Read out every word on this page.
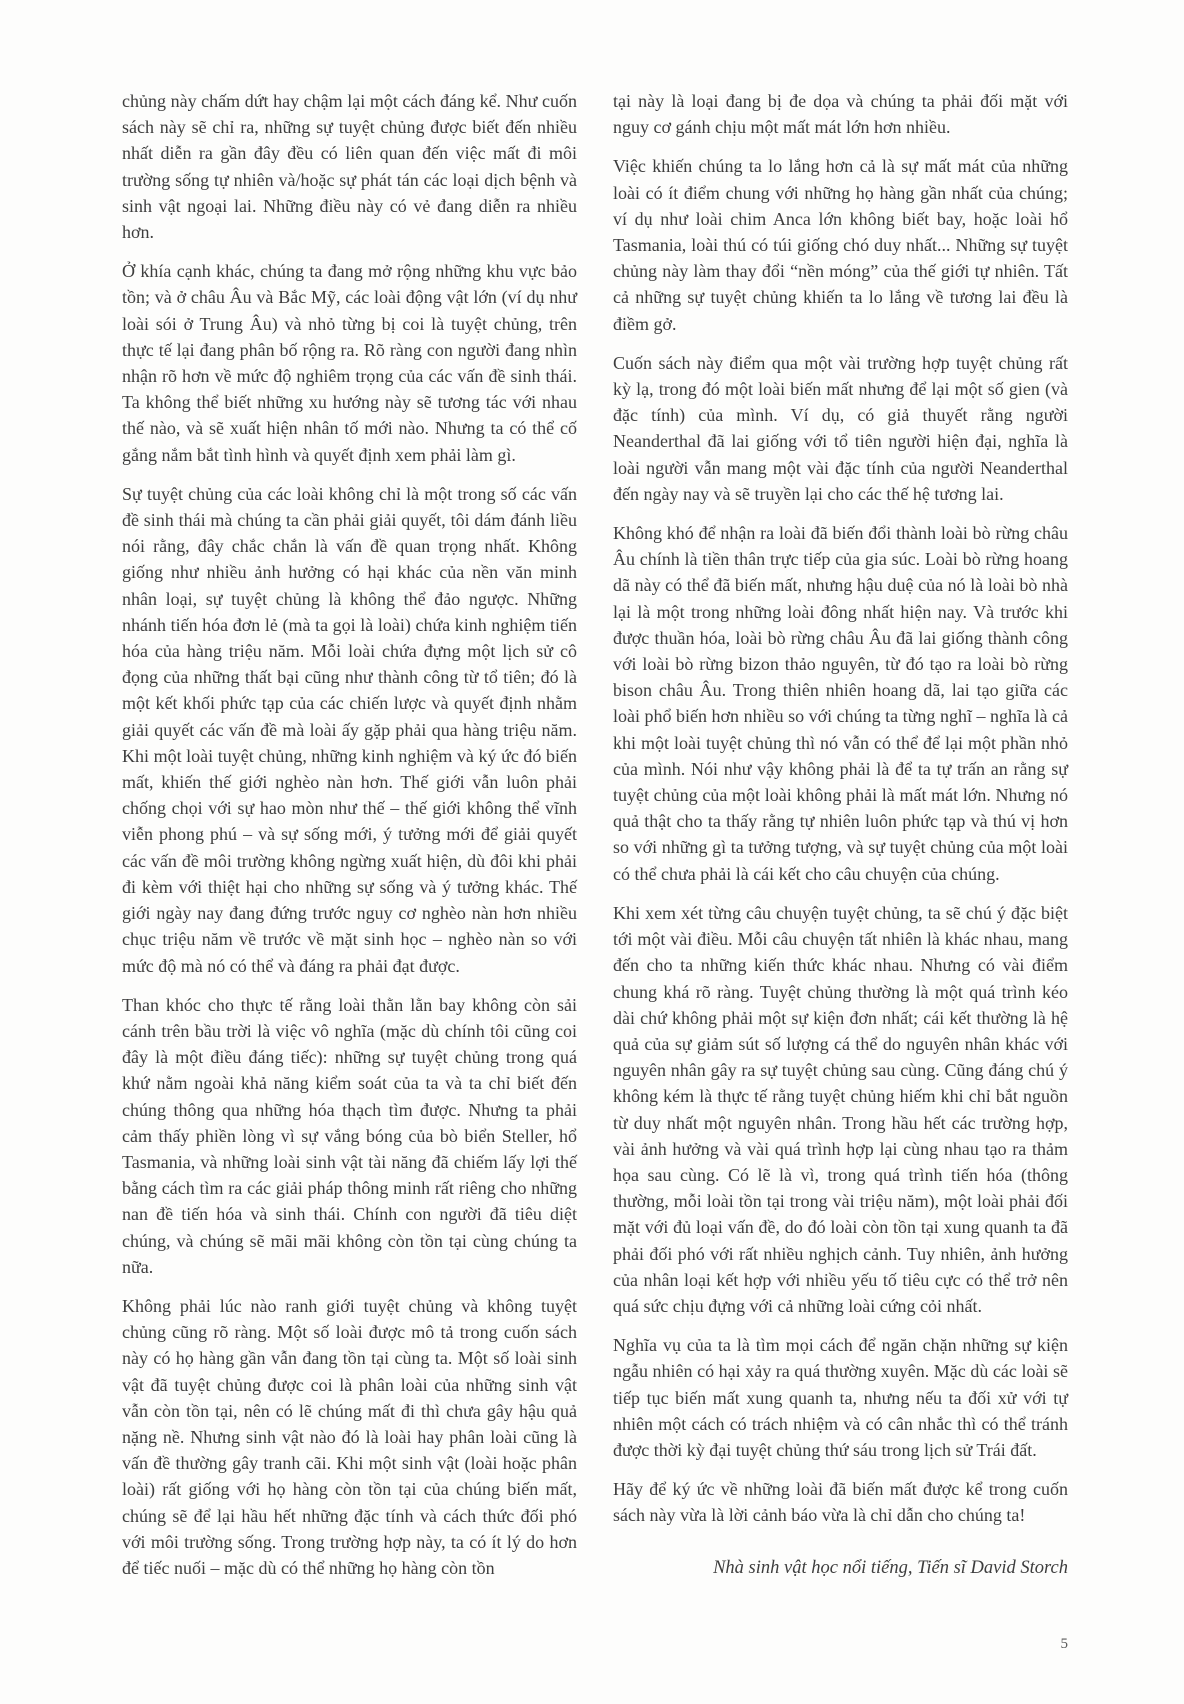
chủng này chấm dứt hay chậm lại một cách đáng kể. Như cuốn sách này sẽ chỉ ra, những sự tuyệt chủng được biết đến nhiều nhất diễn ra gần đây đều có liên quan đến việc mất đi môi trường sống tự nhiên và/hoặc sự phát tán các loại dịch bệnh và sinh vật ngoại lai. Những điều này có vẻ đang diễn ra nhiều hơn.

Ở khía cạnh khác, chúng ta đang mở rộng những khu vực bảo tồn; và ở châu Âu và Bắc Mỹ, các loài động vật lớn (ví dụ như loài sói ở Trung Âu) và nhỏ từng bị coi là tuyệt chủng, trên thực tế lại đang phân bố rộng ra. Rõ ràng con người đang nhìn nhận rõ hơn về mức độ nghiêm trọng của các vấn đề sinh thái. Ta không thể biết những xu hướng này sẽ tương tác với nhau thế nào, và sẽ xuất hiện nhân tố mới nào. Nhưng ta có thể cố gắng nắm bắt tình hình và quyết định xem phải làm gì.

Sự tuyệt chủng của các loài không chỉ là một trong số các vấn đề sinh thái mà chúng ta cần phải giải quyết, tôi dám đánh liều nói rằng, đây chắc chắn là vấn đề quan trọng nhất. Không giống như nhiều ảnh hưởng có hại khác của nền văn minh nhân loại, sự tuyệt chủng là không thể đảo ngược. Những nhánh tiến hóa đơn lẻ (mà ta gọi là loài) chứa kinh nghiệm tiến hóa của hàng triệu năm. Mỗi loài chứa đựng một lịch sử cô đọng của những thất bại cũng như thành công từ tổ tiên; đó là một kết khối phức tạp của các chiến lược và quyết định nhằm giải quyết các vấn đề mà loài ấy gặp phải qua hàng triệu năm. Khi một loài tuyệt chủng, những kinh nghiệm và ký ức đó biến mất, khiến thế giới nghèo nàn hơn. Thế giới vẫn luôn phải chống chọi với sự hao mòn như thế – thế giới không thể vĩnh viễn phong phú – và sự sống mới, ý tưởng mới để giải quyết các vấn đề môi trường không ngừng xuất hiện, dù đôi khi phải đi kèm với thiệt hại cho những sự sống và ý tưởng khác. Thế giới ngày nay đang đứng trước nguy cơ nghèo nàn hơn nhiều chục triệu năm về trước về mặt sinh học – nghèo nàn so với mức độ mà nó có thể và đáng ra phải đạt được.

Than khóc cho thực tế rằng loài thằn lằn bay không còn sải cánh trên bầu trời là việc vô nghĩa (mặc dù chính tôi cũng coi đây là một điều đáng tiếc): những sự tuyệt chủng trong quá khứ nằm ngoài khả năng kiểm soát của ta và ta chỉ biết đến chúng thông qua những hóa thạch tìm được. Nhưng ta phải cảm thấy phiền lòng vì sự vắng bóng của bò biển Steller, hổ Tasmania, và những loài sinh vật tài năng đã chiếm lấy lợi thế bằng cách tìm ra các giải pháp thông minh rất riêng cho những nan đề tiến hóa và sinh thái. Chính con người đã tiêu diệt chúng, và chúng sẽ mãi mãi không còn tồn tại cùng chúng ta nữa.

Không phải lúc nào ranh giới tuyệt chủng và không tuyệt chủng cũng rõ ràng. Một số loài được mô tả trong cuốn sách này có họ hàng gần vẫn đang tồn tại cùng ta. Một số loài sinh vật đã tuyệt chủng được coi là phân loài của những sinh vật vẫn còn tồn tại, nên có lẽ chúng mất đi thì chưa gây hậu quả nặng nề. Nhưng sinh vật nào đó là loài hay phân loài cũng là vấn đề thường gây tranh cãi. Khi một sinh vật (loài hoặc phân loài) rất giống với họ hàng còn tồn tại của chúng biến mất, chúng sẽ để lại hầu hết những đặc tính và cách thức đối phó với môi trường sống. Trong trường hợp này, ta có ít lý do hơn để tiếc nuối – mặc dù có thể những họ hàng còn tồn

tại này là loại đang bị đe dọa và chúng ta phải đối mặt với nguy cơ gánh chịu một mất mát lớn hơn nhiều.

Việc khiến chúng ta lo lắng hơn cả là sự mất mát của những loài có ít điểm chung với những họ hàng gần nhất của chúng; ví dụ như loài chim Anca lớn không biết bay, hoặc loài hổ Tasmania, loài thú có túi giống chó duy nhất... Những sự tuyệt chủng này làm thay đổi “nền móng” của thế giới tự nhiên. Tất cả những sự tuyệt chủng khiến ta lo lắng về tương lai đều là điềm gở.

Cuốn sách này điểm qua một vài trường hợp tuyệt chủng rất kỳ lạ, trong đó một loài biến mất nhưng để lại một số gien (và đặc tính) của mình. Ví dụ, có giả thuyết rằng người Neanderthal đã lai giống với tổ tiên người hiện đại, nghĩa là loài người vẫn mang một vài đặc tính của người Neanderthal đến ngày nay và sẽ truyền lại cho các thế hệ tương lai.

Không khó để nhận ra loài đã biến đổi thành loài bò rừng châu Âu chính là tiền thân trực tiếp của gia súc. Loài bò rừng hoang dã này có thể đã biến mất, nhưng hậu duệ của nó là loài bò nhà lại là một trong những loài đông nhất hiện nay. Và trước khi được thuần hóa, loài bò rừng châu Âu đã lai giống thành công với loài bò rừng bizon thảo nguyên, từ đó tạo ra loài bò rừng bison châu Âu. Trong thiên nhiên hoang dã, lai tạo giữa các loài phổ biến hơn nhiều so với chúng ta từng nghĩ – nghĩa là cả khi một loài tuyệt chủng thì nó vẫn có thể để lại một phần nhỏ của mình. Nói như vậy không phải là để ta tự trấn an rằng sự tuyệt chủng của một loài không phải là mất mát lớn. Nhưng nó quả thật cho ta thấy rằng tự nhiên luôn phức tạp và thú vị hơn so với những gì ta tưởng tượng, và sự tuyệt chủng của một loài có thể chưa phải là cái kết cho câu chuyện của chúng.

Khi xem xét từng câu chuyện tuyệt chủng, ta sẽ chú ý đặc biệt tới một vài điều. Mỗi câu chuyện tất nhiên là khác nhau, mang đến cho ta những kiến thức khác nhau. Nhưng có vài điểm chung khá rõ ràng. Tuyệt chủng thường là một quá trình kéo dài chứ không phải một sự kiện đơn nhất; cái kết thường là hệ quả của sự giảm sút số lượng cá thể do nguyên nhân khác với nguyên nhân gây ra sự tuyệt chủng sau cùng. Cũng đáng chú ý không kém là thực tế rằng tuyệt chủng hiếm khi chỉ bắt nguồn từ duy nhất một nguyên nhân. Trong hầu hết các trường hợp, vài ảnh hưởng và vài quá trình hợp lại cùng nhau tạo ra thảm họa sau cùng. Có lẽ là vì, trong quá trình tiến hóa (thông thường, mỗi loài tồn tại trong vài triệu năm), một loài phải đối mặt với đủ loại vấn đề, do đó loài còn tồn tại xung quanh ta đã phải đối phó với rất nhiều nghịch cảnh. Tuy nhiên, ảnh hưởng của nhân loại kết hợp với nhiều yếu tố tiêu cực có thể trở nên quá sức chịu đựng với cả những loài cứng cỏi nhất.

Nghĩa vụ của ta là tìm mọi cách để ngăn chặn những sự kiện ngẫu nhiên có hại xảy ra quá thường xuyên. Mặc dù các loài sẽ tiếp tục biến mất xung quanh ta, nhưng nếu ta đối xử với tự nhiên một cách có trách nhiệm và có cân nhắc thì có thể tránh được thời kỳ đại tuyệt chủng thứ sáu trong lịch sử Trái đất.

Hãy để ký ức về những loài đã biến mất được kể trong cuốn sách này vừa là lời cảnh báo vừa là chỉ dẫn cho chúng ta!

Nhà sinh vật học nổi tiếng, Tiến sĩ David Storch

5
